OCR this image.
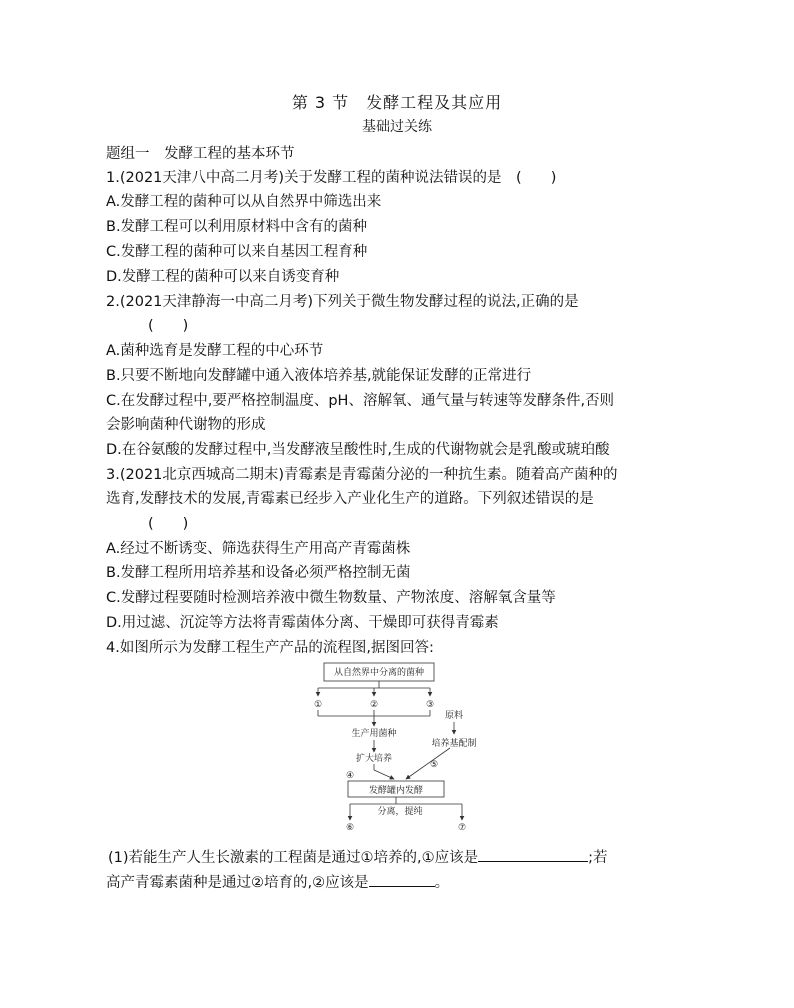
第 3 节　发酵工程及其应用
基础过关练
题组一　发酵工程的基本环节
1.(2021天津八中高二月考)关于发酵工程的菌种说法错误的是　(　　)
A.发酵工程的菌种可以从自然界中筛选出来
B.发酵工程可以利用原材料中含有的菌种
C.发酵工程的菌种可以来自基因工程育种
D.发酵工程的菌种可以来自诱变育种
2.(2021天津静海一中高二月考)下列关于微生物发酵过程的说法,正确的是
(　　)
A.菌种选育是发酵工程的中心环节
B.只要不断地向发酵罐中通入液体培养基,就能保证发酵的正常进行
C.在发酵过程中,要严格控制温度、pH、溶解氧、通气量与转速等发酵条件,否则
会影响菌种代谢物的形成
D.在谷氨酸的发酵过程中,当发酵液呈酸性时,生成的代谢物就会是乳酸或琥珀酸
3.(2021北京西城高二期末)青霉素是青霉菌分泌的一种抗生素。随着高产菌种的
选育,发酵技术的发展,青霉素已经步入产业化生产的道路。下列叙述错误的是
(　　)
A.经过不断诱变、筛选获得生产用高产青霉菌株
B.发酵工程所用培养基和设备必须严格控制无菌
C.发酵过程要随时检测培养液中微生物数量、产物浓度、溶解氧含量等
D.用过滤、沉淀等方法将青霉菌体分离、干燥即可获得青霉素
4.如图所示为发酵工程生产产品的流程图,据图回答:
从自然界中分离的菌种
①	②	③
原料
生产用菌种
培养基配制
扩大培养
④
⑤
发酵罐内发酵
分离，提纯
⑥	⑦
(1)若能生产人生长激素的工程菌是通过①培养的,①应该是	;若
高产青霉素菌种是通过②培育的,②应该是	。
